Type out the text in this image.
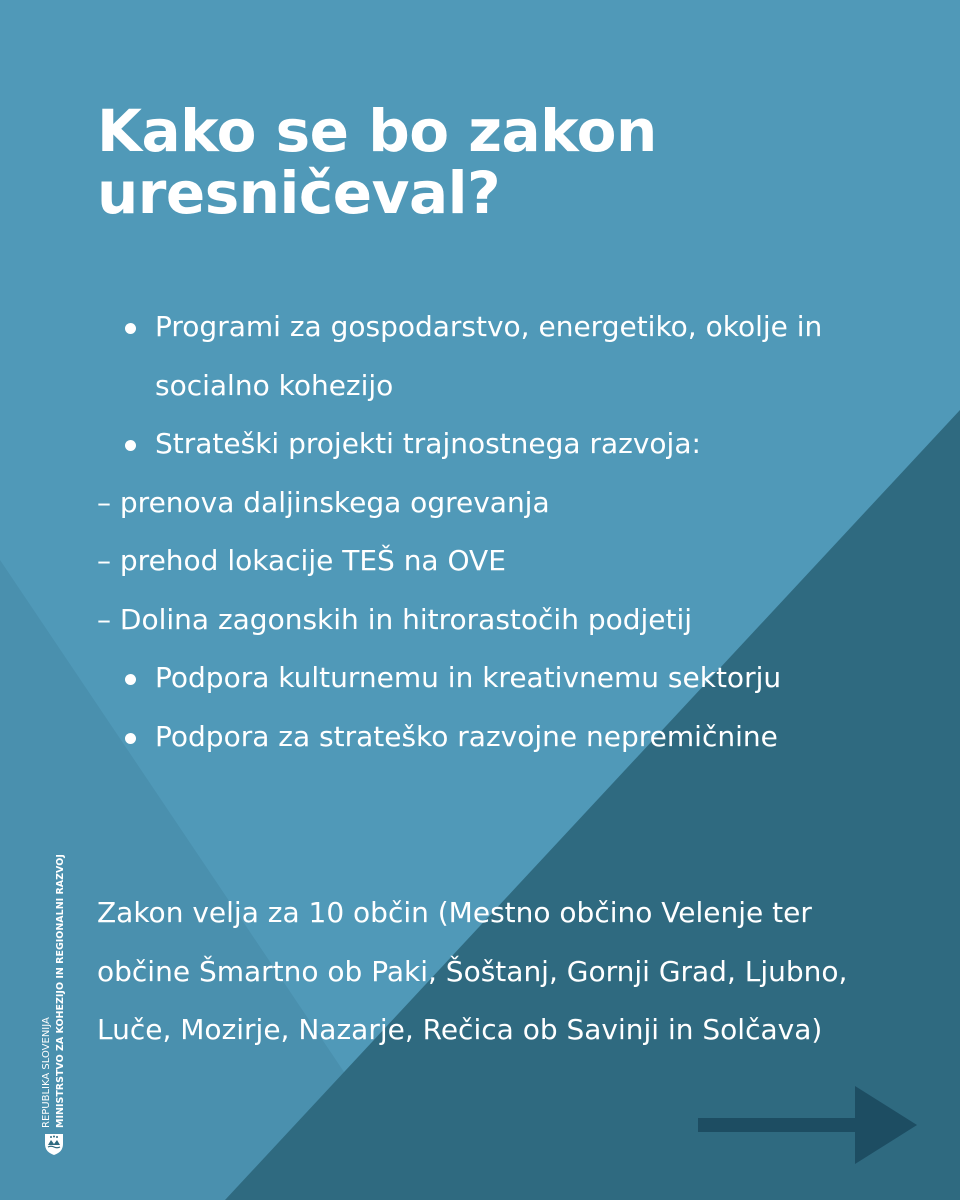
Kako se bo zakon uresničeval?
Programi za gospodarstvo, energetiko, okolje in socialno kohezijo
Strateški projekti trajnostnega razvoja:
– prenova daljinskega ogrevanja
– prehod lokacije TEŠ na OVE
– Dolina zagonskih in hitrorastočih podjetij
Podpora kulturnemu in kreativnemu sektorju
Podpora za strateško razvojne nepremičnine
Zakon velja za 10 občin (Mestno občino Velenje ter občine Šmartno ob Paki, Šoštanj, Gornji Grad, Ljubno, Luče, Mozirje, Nazarje, Rečica ob Savinji in Solčava)
REPUBLIKA SLOVENIJA MINISTRSTVO ZA KOHEZIJO IN REGIONALNI RAZVOJ
